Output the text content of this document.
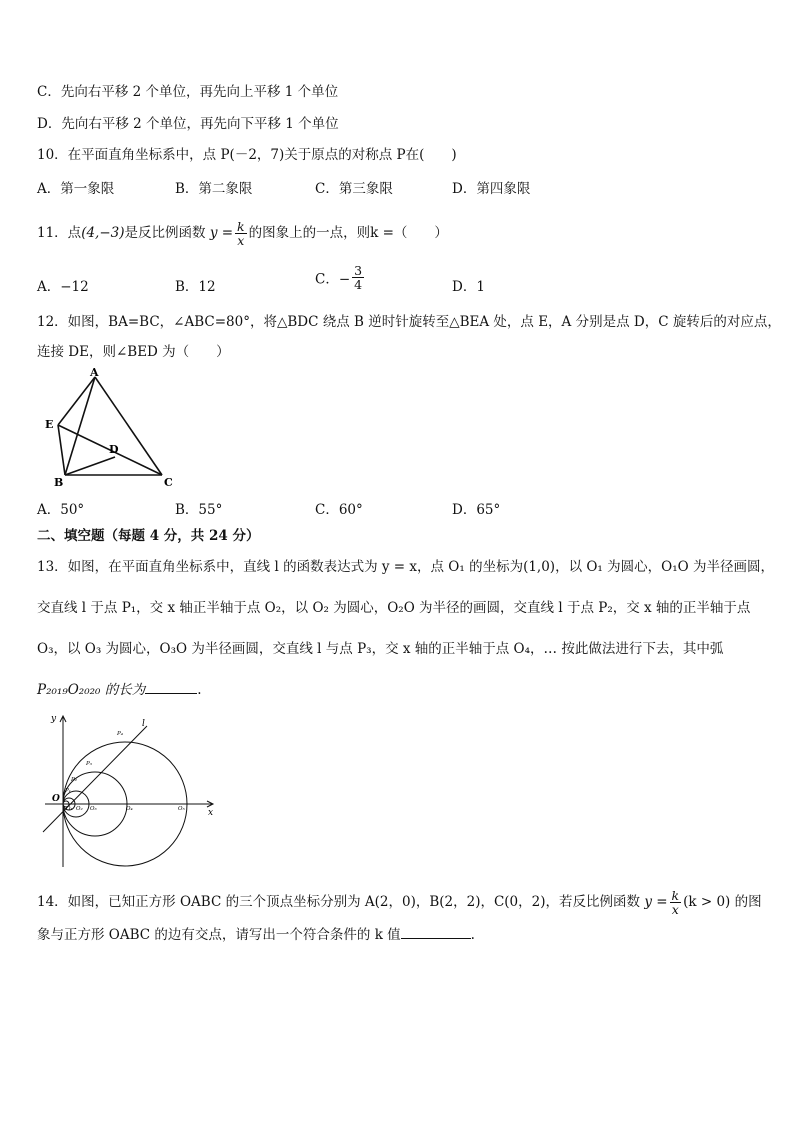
C．先向右平移 2 个单位，再先向上平移 1 个单位
D．先向右平移 2 个单位，再先向下平移 1 个单位
10．在平面直角坐标系中，点 P(－2，7)关于原点的对称点 P在(　　)
A．第一象限	B．第二象限	C．第三象限	D．第四象限
11．点(4,−3)是反比例函数 $y = \frac{k}{x}$ 的图象上的一点，则k =（　　）
A．−12	B．12	C．− $\frac{3}{4}$	D．1
12．如图，BA=BC，∠ABC=80°，将△BDC 绕点 B 逆时针旋转至△BEA 处，点 E，A 分别是点 D，C 旋转后的对应点，
连接 DE，则∠BED 为（　　）
A
E
D
B	C
A．50°	B．55°	C．60°	D．65°
二、填空题（每题 4 分，共 24 分）
13．如图，在平面直角坐标系中，直线 l 的函数表达式为 y = x，点 O₁ 的坐标为(1,0)，以 O₁ 为圆心，O₁O 为半径画圆，
交直线 l 于点 P₁，交 x 轴正半轴于点 O₂，以 O₂ 为圆心，O₂O 为半径的画圆，交直线 l 于点 P₂，交 x 轴的正半轴于点
O₃，以 O₃ 为圆心，O₃O 为半径画圆，交直线 l 与点 P₃，交 x 轴的正半轴于点 O₄，… 按此做法进行下去，其中弧
P₂₀₁₉O₂₀₂₀ 的长为	.
y	l
x
O
O₁ O₂ O₃	O₄	O₅
P₁
P₂
P₃
P₄
14．如图，已知正方形 OABC 的三个顶点坐标分别为 A(2，0)，B(2，2)，C(0，2)，若反比例函数 $y = \frac{k}{x} (k > 0)$ 的图
象与正方形 OABC 的边有交点，请写出一个符合条件的 k 值	.
